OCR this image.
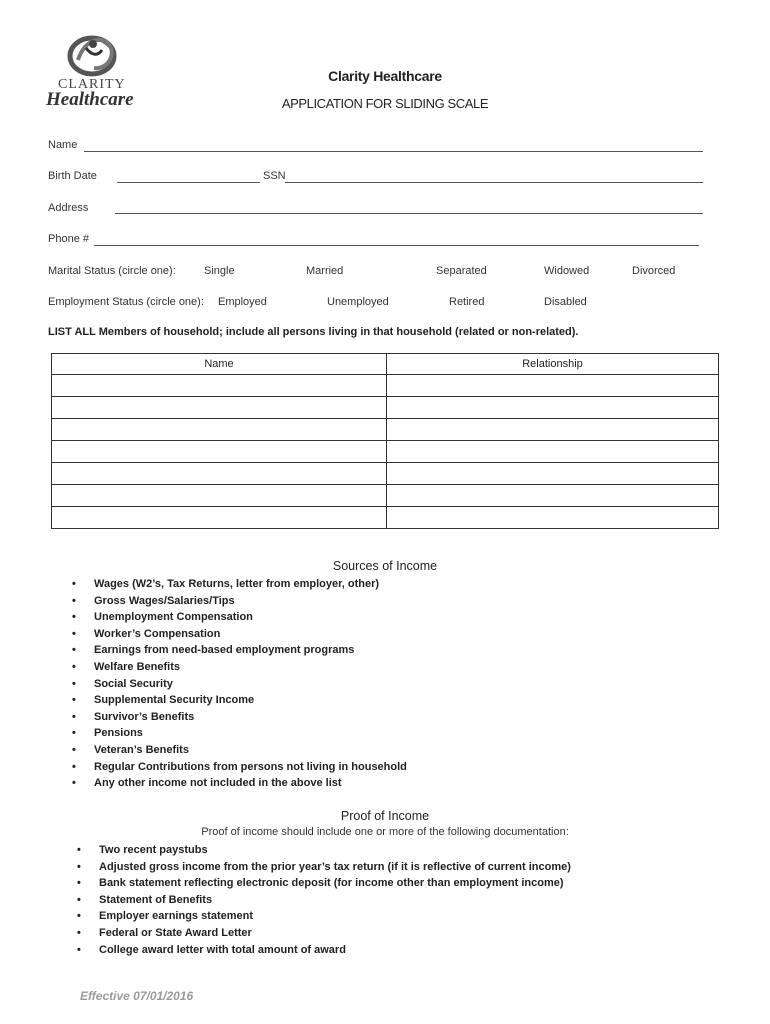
CLARITY
Healthcare
Clarity Healthcare
APPLICATION FOR SLIDING SCALE
Name
Birth Date	SSN
Address
Phone #
Marital Status (circle one):	Single	Married	Separated	Widowed	Divorced
Employment Status (circle one): Employed	Unemployed	Retired	Disabled
LIST ALL Members of household; include all persons living in that household (related or non-related).
Name	Relationship

Sources of Income
• Wages (W2’s, Tax Returns, letter from employer, other)
• Gross Wages/Salaries/Tips
• Unemployment Compensation
• Worker’s Compensation
• Earnings from need-based employment programs
• Welfare Benefits
• Social Security
• Supplemental Security Income
• Survivor’s Benefits
• Pensions
• Veteran’s Benefits
• Regular Contributions from persons not living in household
• Any other income not included in the above list
Proof of Income
Proof of income should include one or more of the following documentation:
• Two recent paystubs
• Adjusted gross income from the prior year’s tax return (if it is reflective of current income)
• Bank statement reflecting electronic deposit (for income other than employment income)
• Statement of Benefits
• Employer earnings statement
• Federal or State Award Letter
• College award letter with total amount of award
Effective 07/01/2016
